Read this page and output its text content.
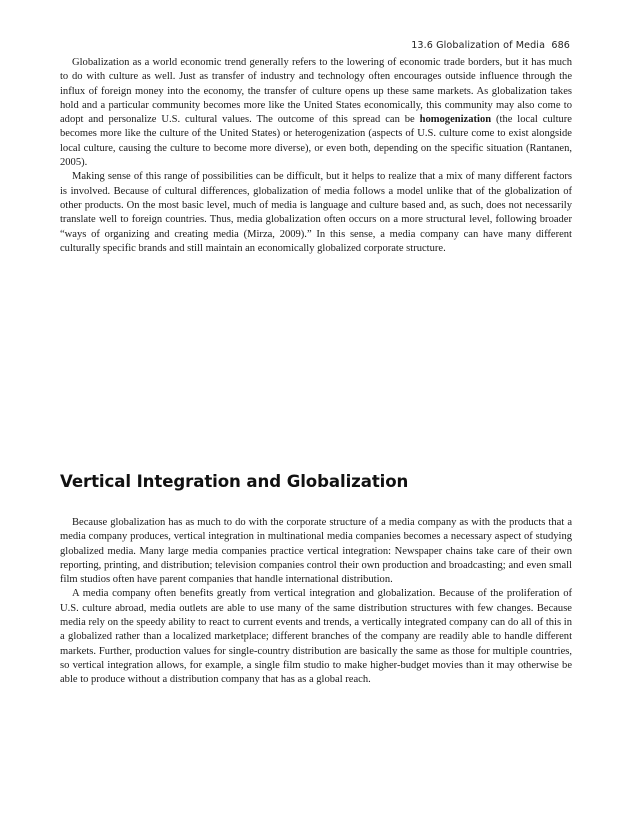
13.6 Globalization of Media 686

Globalization as a world economic trend generally refers to the lowering of economic trade borders, but it has much to do with culture as well. Just as transfer of industry and technology often encourages outside influence through the influx of foreign money into the economy, the transfer of culture opens up these same markets. As globalization takes hold and a particular community becomes more like the United States economically, this community may also come to adopt and personalize U.S. cultural values. The outcome of this spread can be homogenization (the local culture becomes more like the culture of the United States) or heterogenization (aspects of U.S. culture come to exist alongside local culture, causing the culture to become more diverse), or even both, depending on the specific situation (Rantanen, 2005).

Making sense of this range of possibilities can be difficult, but it helps to realize that a mix of many different factors is involved. Because of cultural differences, globalization of media follows a model unlike that of the globalization of other products. On the most basic level, much of media is language and culture based and, as such, does not necessarily translate well to foreign countries. Thus, media globalization often occurs on a more structural level, following broader “ways of organizing and creating media (Mirza, 2009).” In this sense, a media company can have many different culturally specific brands and still maintain an economically globalized corporate structure.

Vertical Integration and Globalization

Because globalization has as much to do with the corporate structure of a media company as with the products that a media company produces, vertical integration in multinational media companies becomes a necessary aspect of studying globalized media. Many large media companies practice vertical integration: Newspaper chains take care of their own reporting, printing, and distribution; television companies control their own production and broadcasting; and even small film studios often have parent companies that handle international distribution.

A media company often benefits greatly from vertical integration and globalization. Because of the proliferation of U.S. culture abroad, media outlets are able to use many of the same distribution structures with few changes. Because media rely on the speedy ability to react to current events and trends, a vertically integrated company can do all of this in a globalized rather than a localized marketplace; different branches of the company are readily able to handle different markets. Further, production values for single-country distribution are basically the same as those for multiple countries, so vertical integration allows, for example, a single film studio to make higher-budget movies than it may otherwise be able to produce without a distribution company that has as a global reach.
